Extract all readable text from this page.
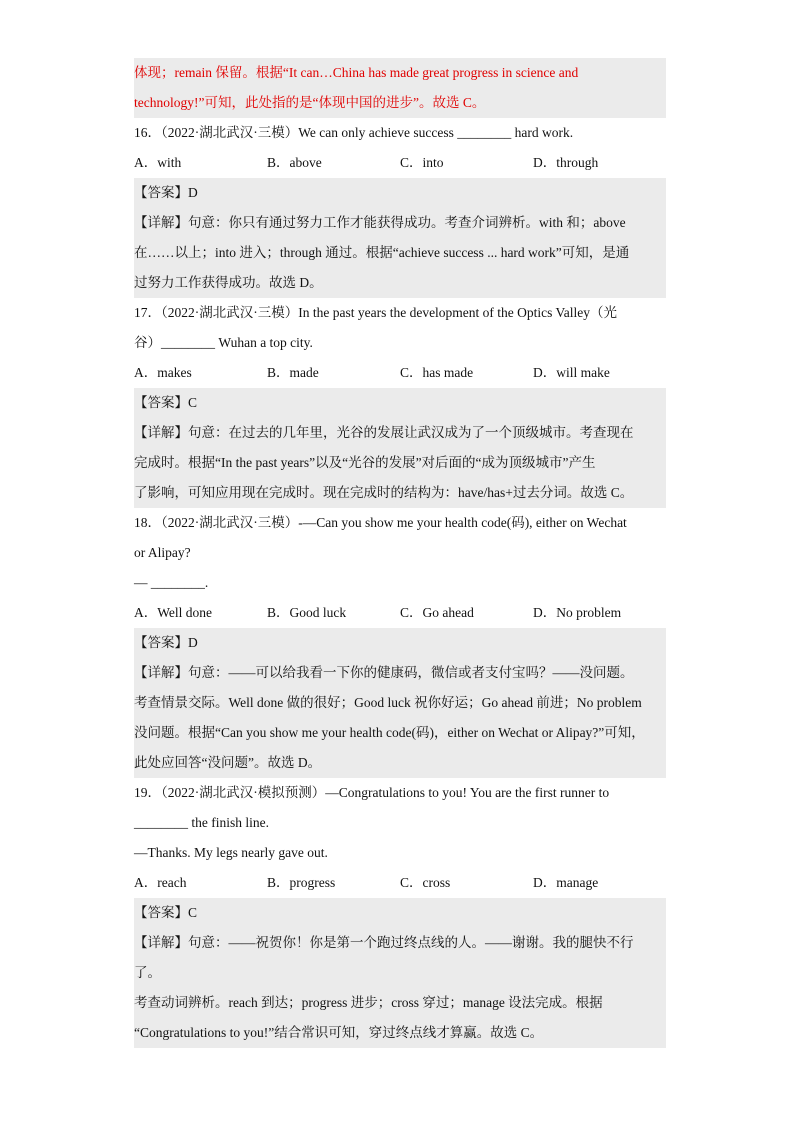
体现；remain 保留。根据“It can…China has made great progress in science and
technology!”可知，此处指的是“体现中国的进步”。故选 C。
16．（2022·湖北武汉·三模）We can only achieve success ________ hard work.
A．with	B．above	C．into	D．through
【答案】D
【详解】句意：你只有通过努力工作才能获得成功。考查介词辨析。with 和；above
在……以上；into 进入；through 通过。根据“achieve success ... hard work”可知，是通
过努力工作获得成功。故选 D。
17．（2022·湖北武汉·三模）In the past years the development of the Optics Valley（光
谷）________ Wuhan a top city.
A．makes	B．made	C．has made	D．will make
【答案】C
【详解】句意：在过去的几年里，光谷的发展让武汉成为了一个顶级城市。考查现在
完成时。根据“In the past years”以及“光谷的发展”对后面的“成为顶级城市”产生
了影响，可知应用现在完成时。现在完成时的结构为：have/has+过去分词。故选 C。
18．（2022·湖北武汉·三模）-—Can you show me your health code(码), either on Wechat
or Alipay?
— ________.
A．Well done	B．Good luck	C．Go ahead	D．No problem
【答案】D
【详解】句意：——可以给我看一下你的健康码，微信或者支付宝吗？——没问题。
考查情景交际。Well done 做的很好；Good luck 祝你好运；Go ahead 前进；No problem
没问题。根据“Can you show me your health code(码)，either on Wechat or Alipay?”可知，
此处应回答“没问题”。故选 D。
19．（2022·湖北武汉·模拟预测）—Congratulations to you! You are the first runner to
________ the finish line.
—Thanks. My legs nearly gave out.
A．reach	B．progress	C．cross	D．manage
【答案】C
【详解】句意：——祝贺你！你是第一个跑过终点线的人。——谢谢。我的腿快不行
了。
考查动词辨析。reach 到达；progress 进步；cross 穿过；manage 设法完成。根据
“Congratulations to you!”结合常识可知，穿过终点线才算赢。故选 C。
